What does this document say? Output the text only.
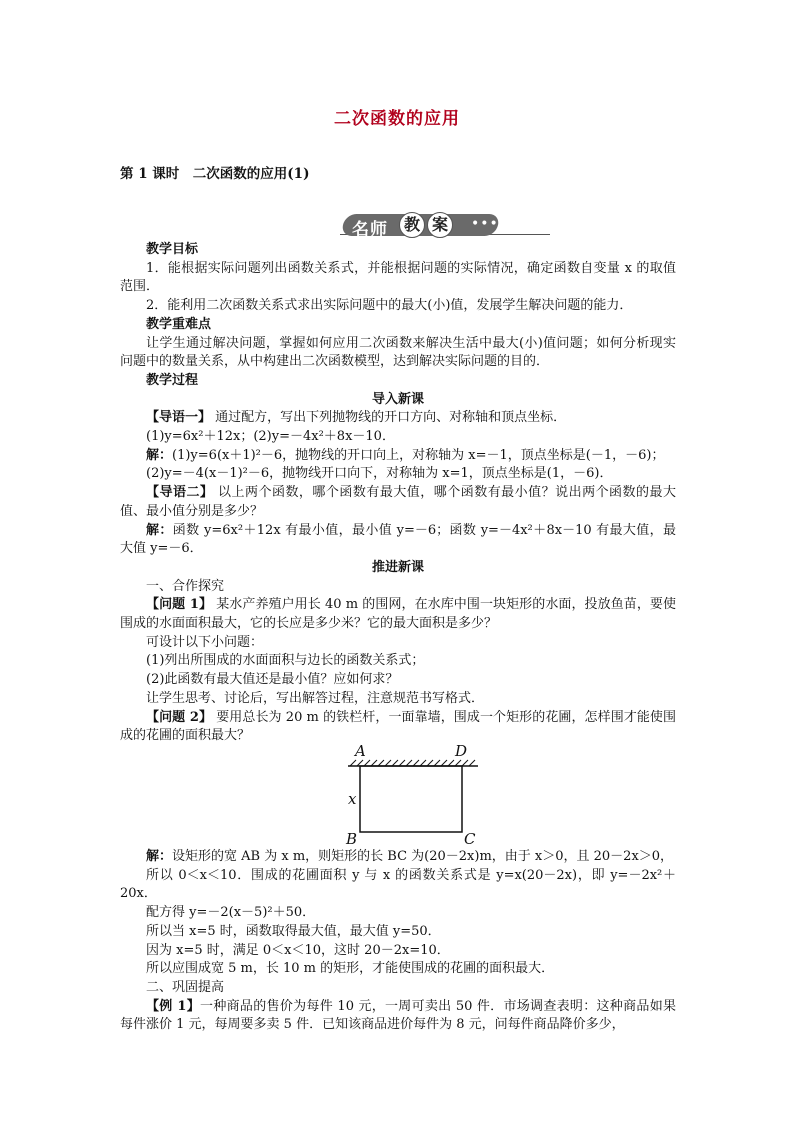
二次函数的应用
第 1 课时　二次函数的应用(1)
名师 教 案	•••

教学目标

1．能根据实际问题列出函数关系式，并能根据问题的实际情况，确定函数自变量 x 的取值范围．

2．能利用二次函数关系式求出实际问题中的最大(小)值，发展学生解决问题的能力．

教学重难点

让学生通过解决问题，掌握如何应用二次函数来解决生活中最大(小)值问题；如何分析现实问题中的数量关系，从中构建出二次函数模型，达到解决实际问题的目的．

教学过程

导入新课

【导语一】 通过配方，写出下列抛物线的开口方向、对称轴和顶点坐标．

(1)y=6x²＋12x；(2)y=－4x²＋8x－10．

解：(1)y=6(x＋1)²－6，抛物线的开口向上，对称轴为 x=－1，顶点坐标是(－1，－6)；

(2)y=－4(x－1)²－6，抛物线开口向下，对称轴为 x=1，顶点坐标是(1，－6)．

【导语二】 以上两个函数，哪个函数有最大值，哪个函数有最小值？说出两个函数的最大值、最小值分别是多少？

解：函数 y=6x²＋12x 有最小值，最小值 y=－6；函数 y=－4x²＋8x－10 有最大值，最大值 y=－6．

推进新课

一、合作探究

【问题 1】 某水产养殖户用长 40 m 的围网，在水库中围一块矩形的水面，投放鱼苗，要使围成的水面面积最大，它的长应是多少米？它的最大面积是多少？

可设计以下小问题：

(1)列出所围成的水面面积与边长的函数关系式；

(2)此函数有最大值还是最小值？应如何求？

让学生思考、讨论后，写出解答过程，注意规范书写格式．

【问题 2】 要用总长为 20 m 的铁栏杆，一面靠墙，围成一个矩形的花圃，怎样围才能使围成的花圃的面积最大？

A	D
B	C
x

解：设矩形的宽 AB 为 x m，则矩形的长 BC 为(20－2x)m，由于 x＞0，且 20－2x＞0，

所以 0＜x＜10．围成的花圃面积 y 与 x 的函数关系式是 y=x(20－2x)，即 y=－2x²＋20x．

配方得 y=－2(x－5)²＋50．

所以当 x=5 时，函数取得最大值，最大值 y=50．

因为 x=5 时，满足 0＜x＜10，这时 20－2x=10．

所以应围成宽 5 m，长 10 m 的矩形，才能使围成的花圃的面积最大．

二、巩固提高

【例 1】一种商品的售价为每件 10 元，一周可卖出 50 件．市场调查表明：这种商品如果每件涨价 1 元，每周要多卖 5 件．已知该商品进价每件为 8 元，问每件商品降价多少，
